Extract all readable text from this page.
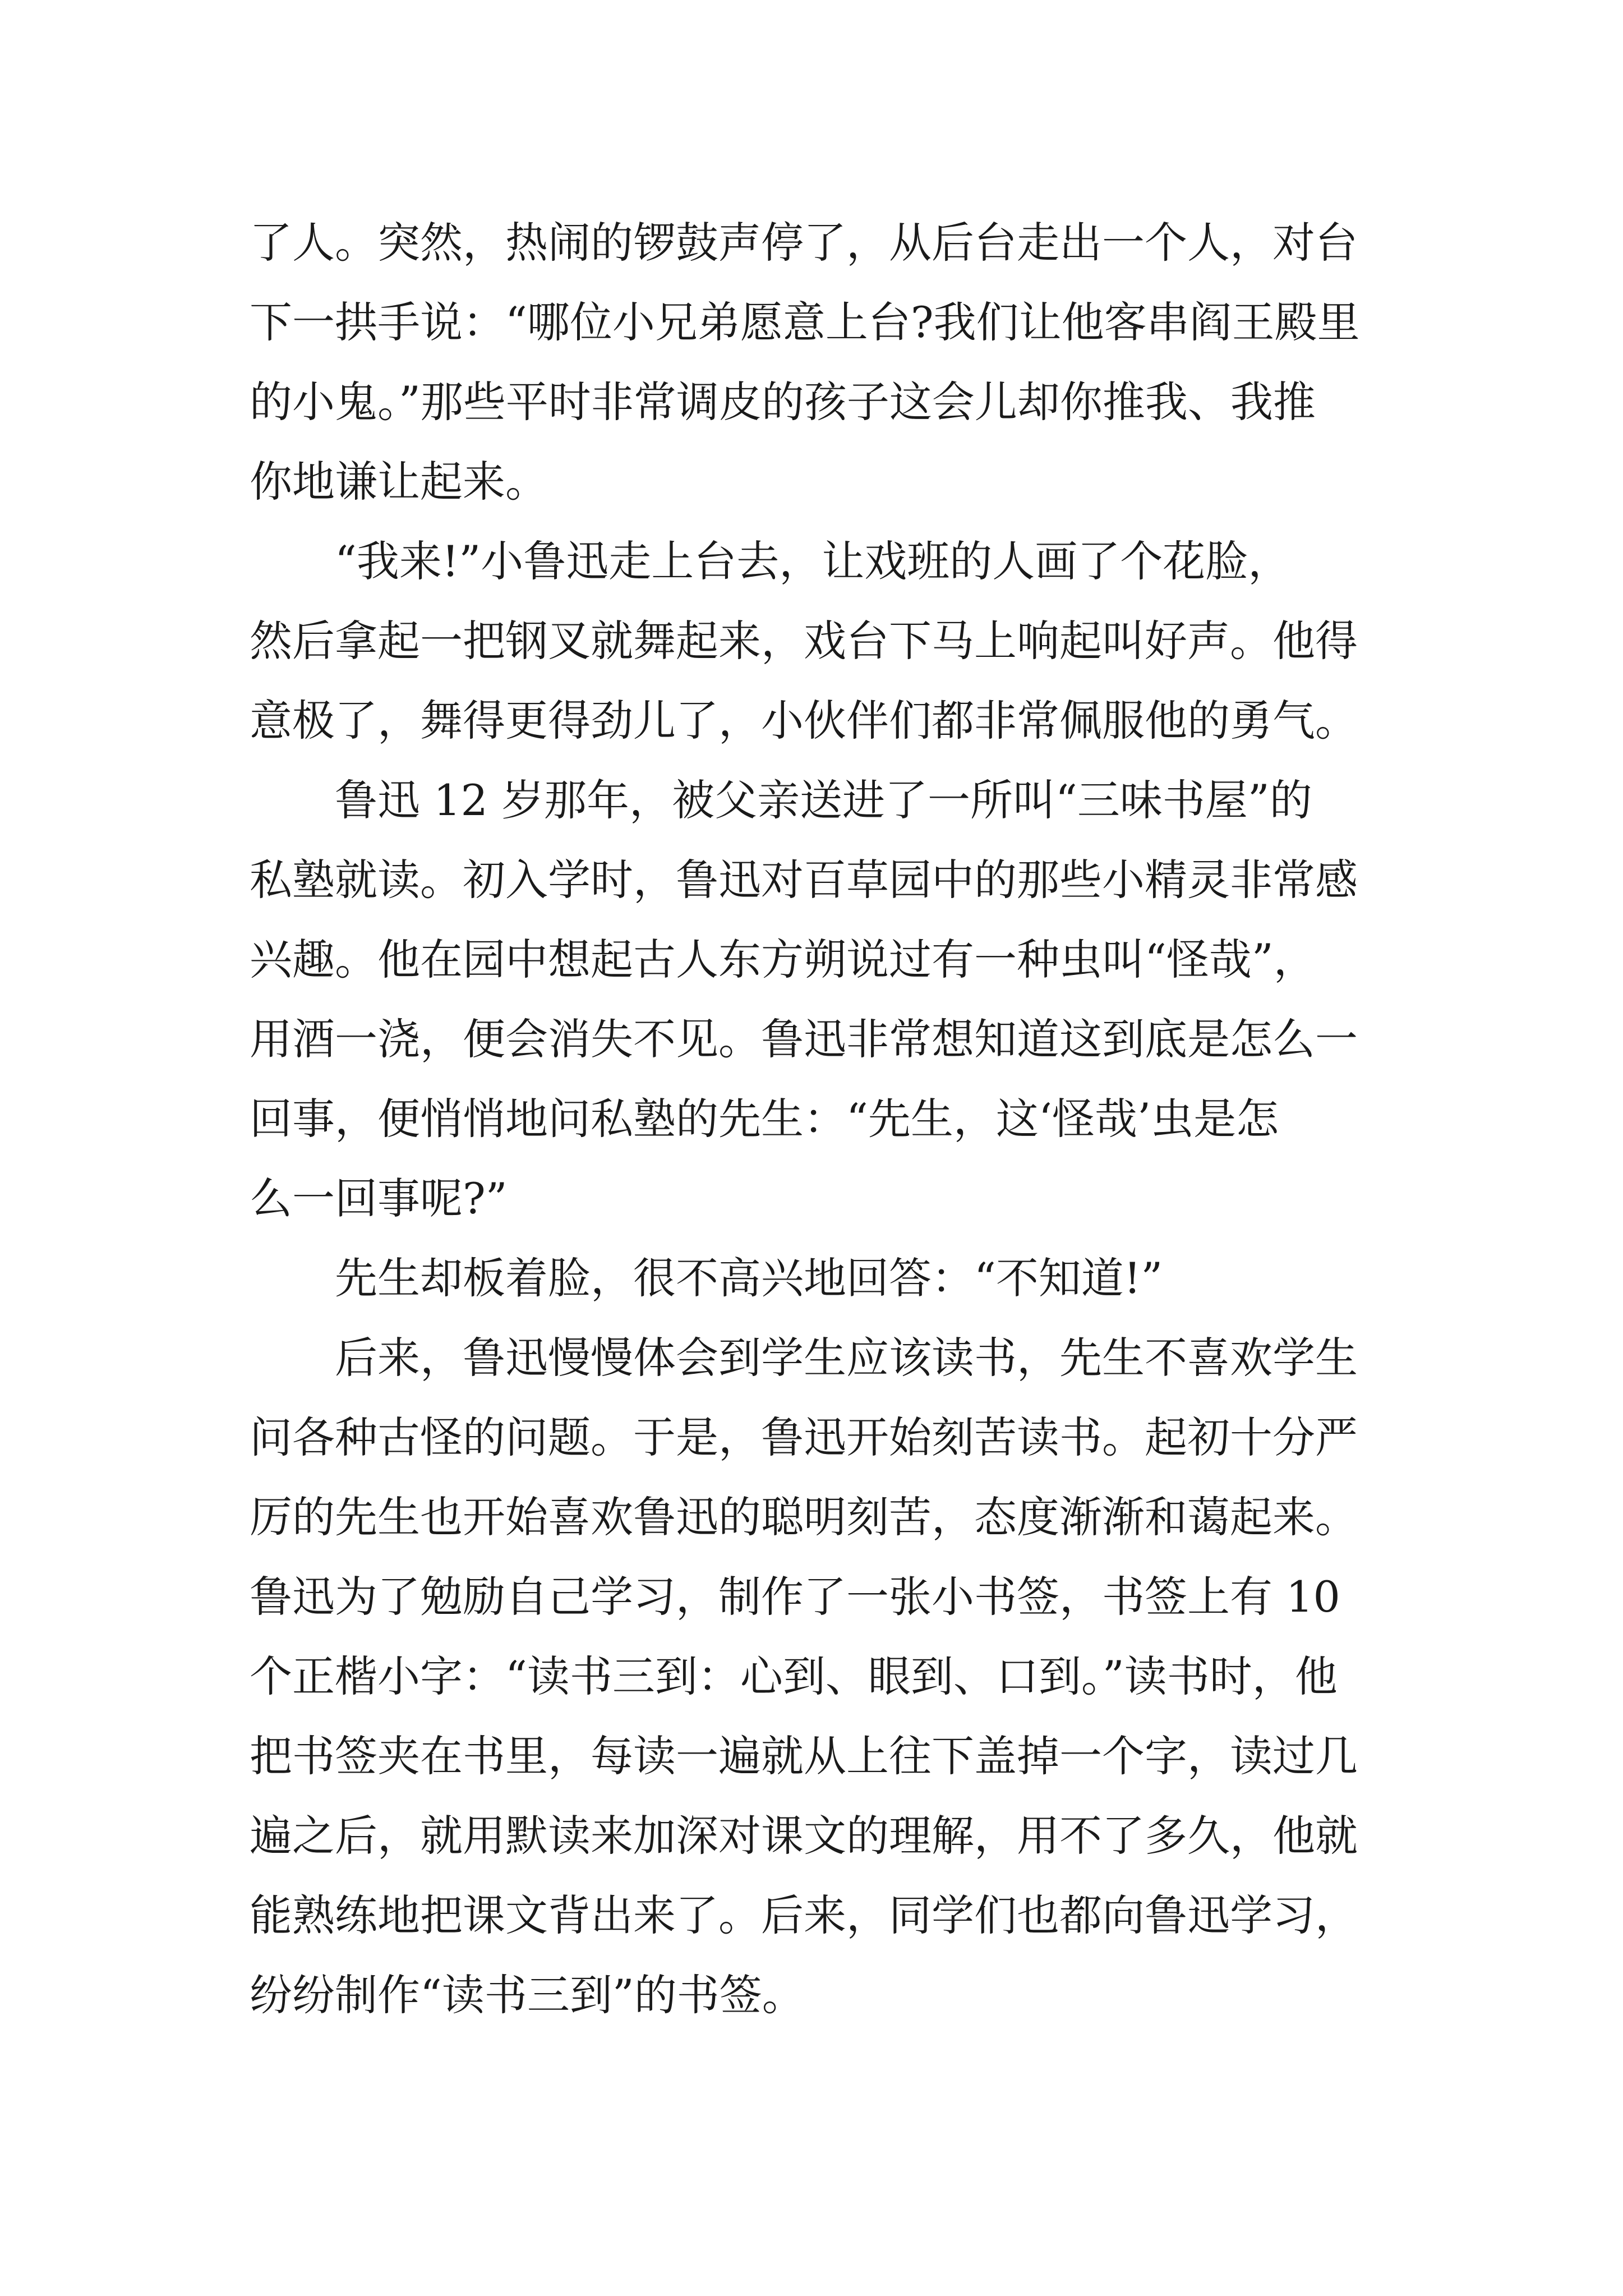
了人。突然，热闹的锣鼓声停了，从后台走出一个人，对台
下一拱手说：“哪位小兄弟愿意上台?我们让他客串阎王殿里
的小鬼。”那些平时非常调皮的孩子这会儿却你推我、我推
你地谦让起来。
“我来!”小鲁迅走上台去，让戏班的人画了个花脸，
然后拿起一把钢叉就舞起来，戏台下马上响起叫好声。他得
意极了，舞得更得劲儿了，小伙伴们都非常佩服他的勇气。
鲁迅 12 岁那年，被父亲送进了一所叫“三味书屋”的
私塾就读。初入学时，鲁迅对百草园中的那些小精灵非常感
兴趣。他在园中想起古人东方朔说过有一种虫叫“怪哉”，
用酒一浇，便会消失不见。鲁迅非常想知道这到底是怎么一
回事，便悄悄地问私塾的先生：“先生，这‘怪哉’虫是怎
么一回事呢?”
先生却板着脸，很不高兴地回答：“不知道!”
后来，鲁迅慢慢体会到学生应该读书，先生不喜欢学生
问各种古怪的问题。于是，鲁迅开始刻苦读书。起初十分严
厉的先生也开始喜欢鲁迅的聪明刻苦，态度渐渐和蔼起来。
鲁迅为了勉励自己学习，制作了一张小书签，书签上有 10
个正楷小字：“读书三到：心到、眼到、口到。”读书时，他
把书签夹在书里，每读一遍就从上往下盖掉一个字，读过几
遍之后，就用默读来加深对课文的理解，用不了多久，他就
能熟练地把课文背出来了。后来，同学们也都向鲁迅学习，
纷纷制作“读书三到”的书签。
